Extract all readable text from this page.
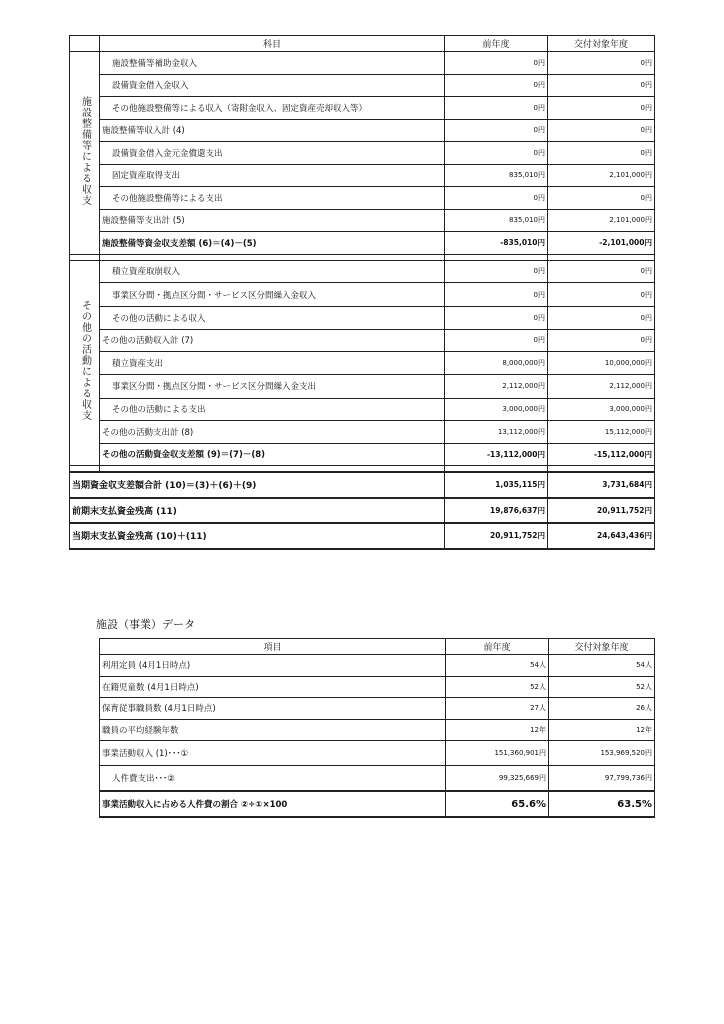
	科目	前年度	交付対象年度
施設整備等による収支	施設整備等補助金収入	0円	0円
	設備資金借入金収入	0円	0円
	その他施設整備等による収入（寄附金収入、固定資産売却収入等）	0円	0円
	施設整備等収入計 (4)	0円	0円
	設備資金借入金元金償還支出	0円	0円
	固定資産取得支出	835,010円	2,101,000円
	その他施設整備等による支出	0円	0円
	施設整備等支出計 (5)	835,010円	2,101,000円
	施設整備等資金収支差額 (6)＝(4)－(5)	-835,010円	-2,101,000円

その他の活動による収支	積立資産取崩収入	0円	0円
	事業区分間・拠点区分間・サービス区分間繰入金収入	0円	0円
	その他の活動による収入	0円	0円
	その他の活動収入計 (7)	0円	0円
	積立資産支出	8,000,000円	10,000,000円
	事業区分間・拠点区分間・サービス区分間繰入金支出	2,112,000円	2,112,000円
	その他の活動による支出	3,000,000円	3,000,000円
	その他の活動支出計 (8)	13,112,000円	15,112,000円
	その他の活動資金収支差額 (9)＝(7)－(8)	-13,112,000円	-15,112,000円

当期資金収支差額合計 (10)＝(3)＋(6)＋(9)		1,035,115円	3,731,684円
前期末支払資金残高 (11)		19,876,637円	20,911,752円
当期末支払資金残高 (10)＋(11)		20,911,752円	24,643,436円
施設（事業）データ
項目	前年度	交付対象年度
利用定員 (4月1日時点)	54人	54人
在籍児童数 (4月1日時点)	52人	52人
保育従事職員数 (4月1日時点)	27人	26人
職員の平均経験年数	12年	12年
事業活動収入 (1)･･･①	151,360,901円	153,969,520円
人件費支出･･･②	99,325,669円	97,799,736円
事業活動収入に占める人件費の割合 ②÷①×100	65.6%	63.5%
